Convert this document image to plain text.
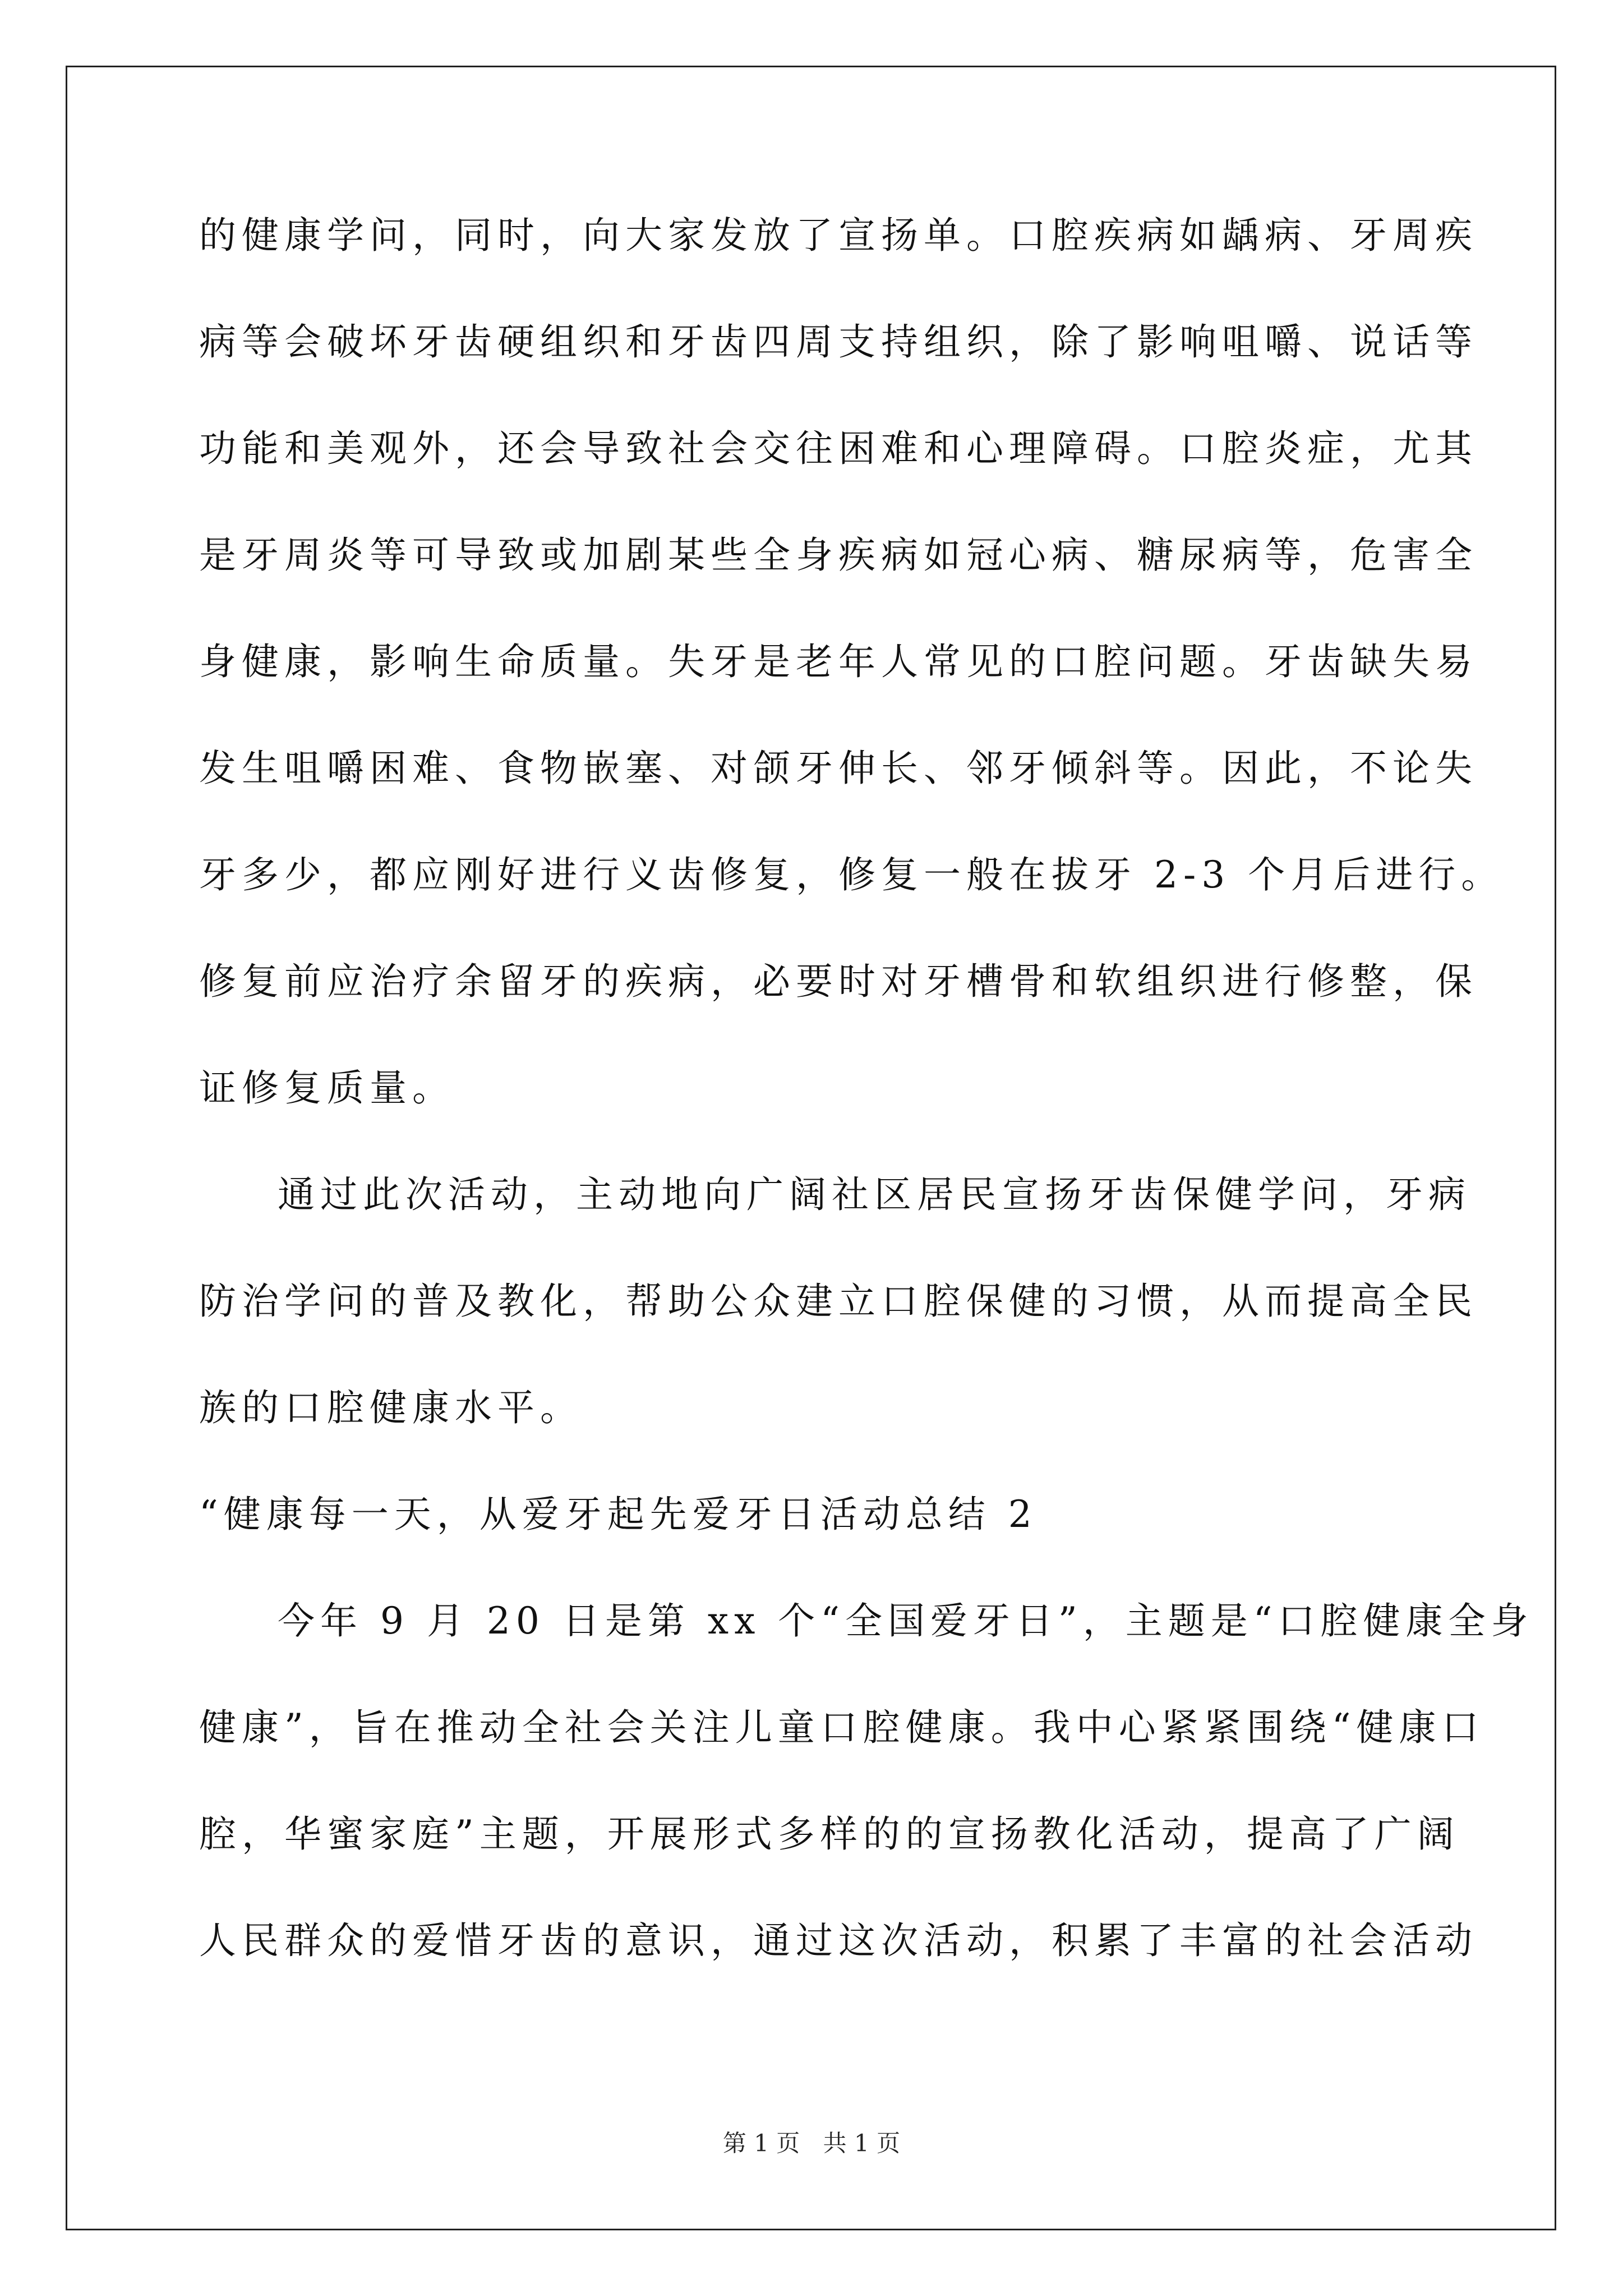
的健康学问，同时，向大家发放了宣扬单。口腔疾病如龋病、牙周疾
病等会破坏牙齿硬组织和牙齿四周支持组织，除了影响咀嚼、说话等
功能和美观外，还会导致社会交往困难和心理障碍。口腔炎症，尤其
是牙周炎等可导致或加剧某些全身疾病如冠心病、糖尿病等，危害全
身健康，影响生命质量。失牙是老年人常见的口腔问题。牙齿缺失易
发生咀嚼困难、食物嵌塞、对颌牙伸长、邻牙倾斜等。因此，不论失
牙多少，都应刚好进行义齿修复，修复一般在拔牙 2-3 个月后进行。
修复前应治疗余留牙的疾病，必要时对牙槽骨和软组织进行修整，保
证修复质量。
通过此次活动，主动地向广阔社区居民宣扬牙齿保健学问，牙病
防治学问的普及教化，帮助公众建立口腔保健的习惯，从而提高全民
族的口腔健康水平。
“健康每一天，从爱牙起先爱牙日活动总结 2
今年 9 月 20 日是第 xx 个“全国爱牙日”，主题是“口腔健康全身
健康”，旨在推动全社会关注儿童口腔健康。我中心紧紧围绕“健康口
腔，华蜜家庭”主题，开展形式多样的的宣扬教化活动，提高了广阔
人民群众的爱惜牙齿的意识，通过这次活动，积累了丰富的社会活动
第 1 页 共 1 页
